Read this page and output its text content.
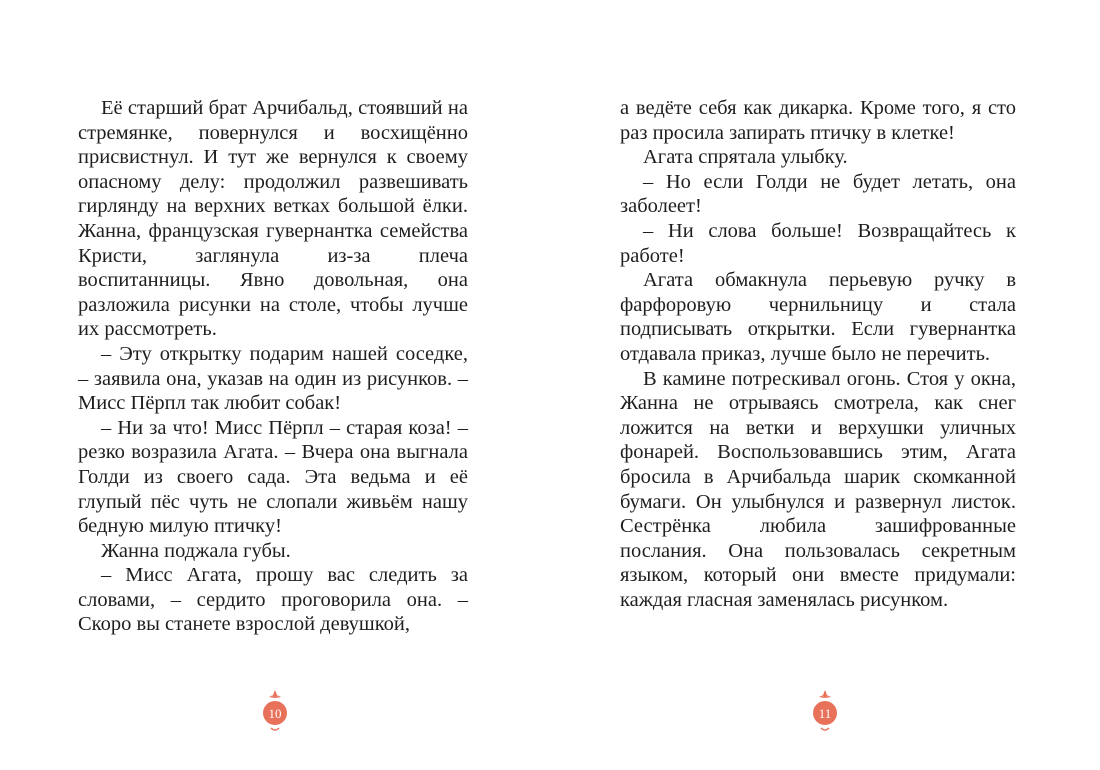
Её старший брат Арчибальд, стоявший на стремянке, повернулся и восхищённо присвистнул. И тут же вернулся к своему опасному делу: продолжил развешивать гирлянду на верхних ветках большой ёлки. Жанна, французская гувернантка семейства Кристи, заглянула из-за плеча воспитанницы. Явно довольная, она разложила рисунки на столе, чтобы лучше их рассмотреть.

– Эту открытку подарим нашей соседке, – заявила она, указав на один из рисунков. – Мисс Пёрпл так любит собак!

– Ни за что! Мисс Пёрпл – старая коза! – резко возразила Агата. – Вчера она выгнала Голди из своего сада. Эта ведьма и её глупый пёс чуть не слопали живьём нашу бедную милую птичку!

Жанна поджала губы.

– Мисс Агата, прошу вас следить за словами, – сердито проговорила она. – Скоро вы станете взрослой девушкой,

а ведёте себя как дикарка. Кроме того, я сто раз просила запирать птичку в клетке!

Агата спрятала улыбку.

– Но если Голди не будет летать, она заболеет!

– Ни слова больше! Возвращайтесь к работе!

Агата обмакнула перьевую ручку в фарфоровую чернильницу и стала подписывать открытки. Если гувернантка отдавала приказ, лучше было не перечить.

В камине потрескивал огонь. Стоя у окна, Жанна не отрываясь смотрела, как снег ложится на ветки и верхушки уличных фонарей. Воспользовавшись этим, Агата бросила в Арчибальда шарик скомканной бумаги. Он улыбнулся и развернул листок. Сестрёнка любила зашифрованные послания. Она пользовалась секретным языком, который они вместе придумали: каждая гласная заменялась рисунком.

10	11
